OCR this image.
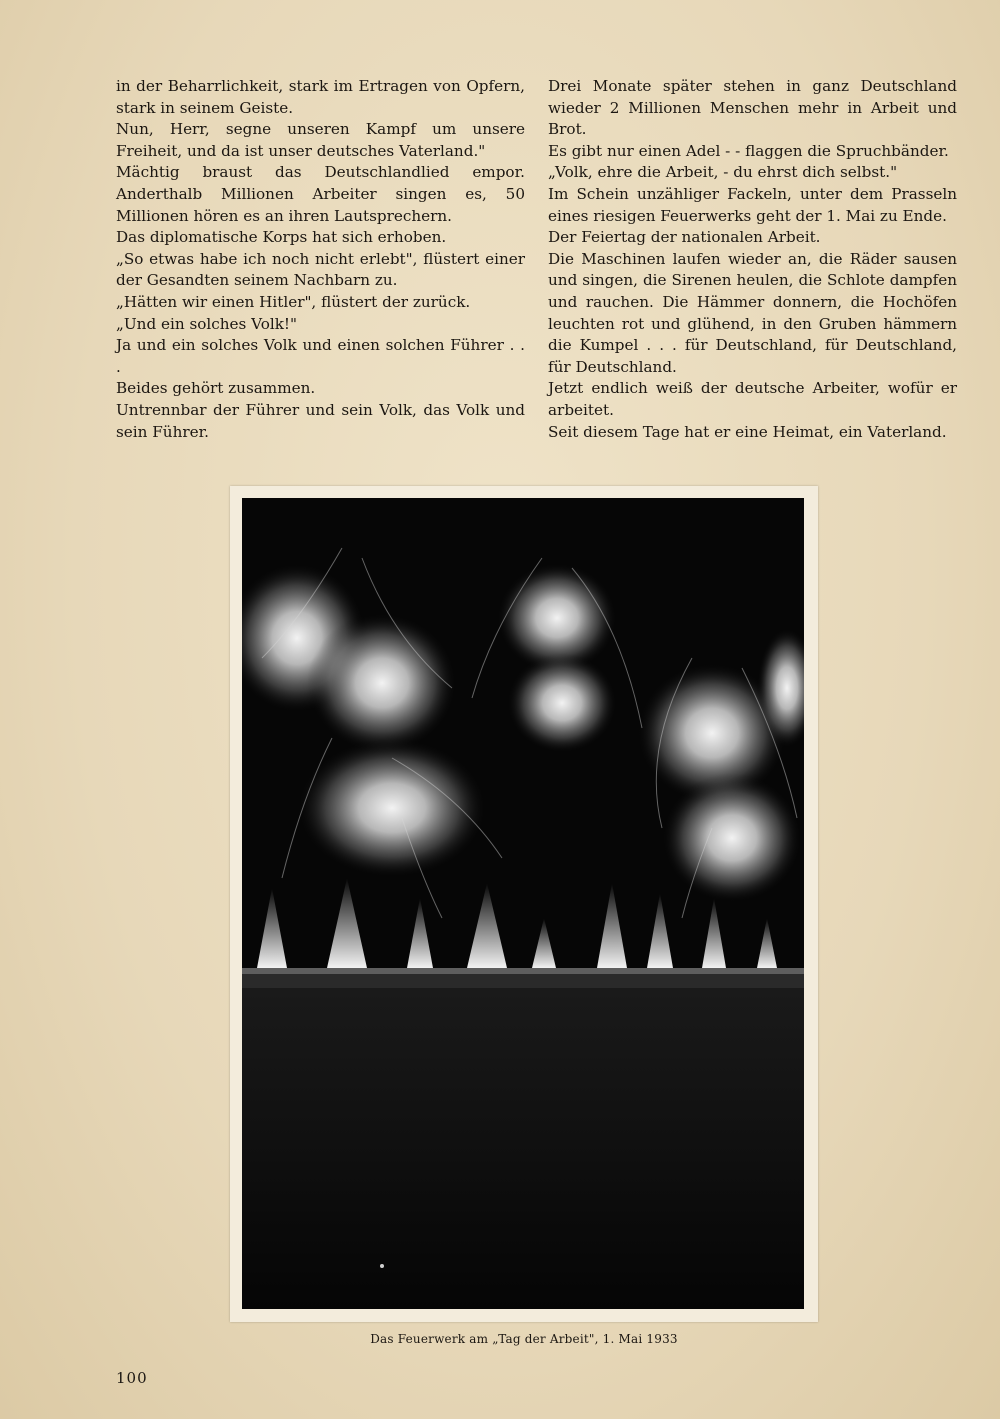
in der Beharrlichkeit, stark im Ertragen von Opfern, stark in seinem Geiste.

Nun, Herr, segne unseren Kampf um unsere Freiheit, und da ist unser deutsches Vaterland."

Mächtig braust das Deutschlandlied empor. Anderthalb Millionen Arbeiter singen es, 50 Millionen hören es an ihren Lautsprechern.

Das diplomatische Korps hat sich erhoben.

„So etwas habe ich noch nicht erlebt", flüstert einer der Gesandten seinem Nachbarn zu.

„Hätten wir einen Hitler", flüstert der zurück.

„Und ein solches Volk!"

Ja und ein solches Volk und einen solchen Führer . . .

Beides gehört zusammen.

Untrennbar der Führer und sein Volk, das Volk und sein Führer.

Drei Monate später stehen in ganz Deutschland wieder 2 Millionen Menschen mehr in Arbeit und Brot.

Es gibt nur einen Adel - - flaggen die Spruchbänder.

„Volk, ehre die Arbeit, - du ehrst dich selbst."

Im Schein unzähliger Fackeln, unter dem Prasseln eines riesigen Feuerwerks geht der 1. Mai zu Ende.

Der Feiertag der nationalen Arbeit.

Die Maschinen laufen wieder an, die Räder sausen und singen, die Sirenen heulen, die Schlote dampfen und rauchen. Die Hämmer donnern, die Hochöfen leuchten rot und glühend, in den Gruben hämmern die Kumpel . . . für Deutschland, für Deutschland, für Deutschland.

Jetzt endlich weiß der deutsche Arbeiter, wofür er arbeitet.

Seit diesem Tage hat er eine Heimat, ein Vaterland.

Das Feuerwerk am „Tag der Arbeit", 1. Mai 1933
100
